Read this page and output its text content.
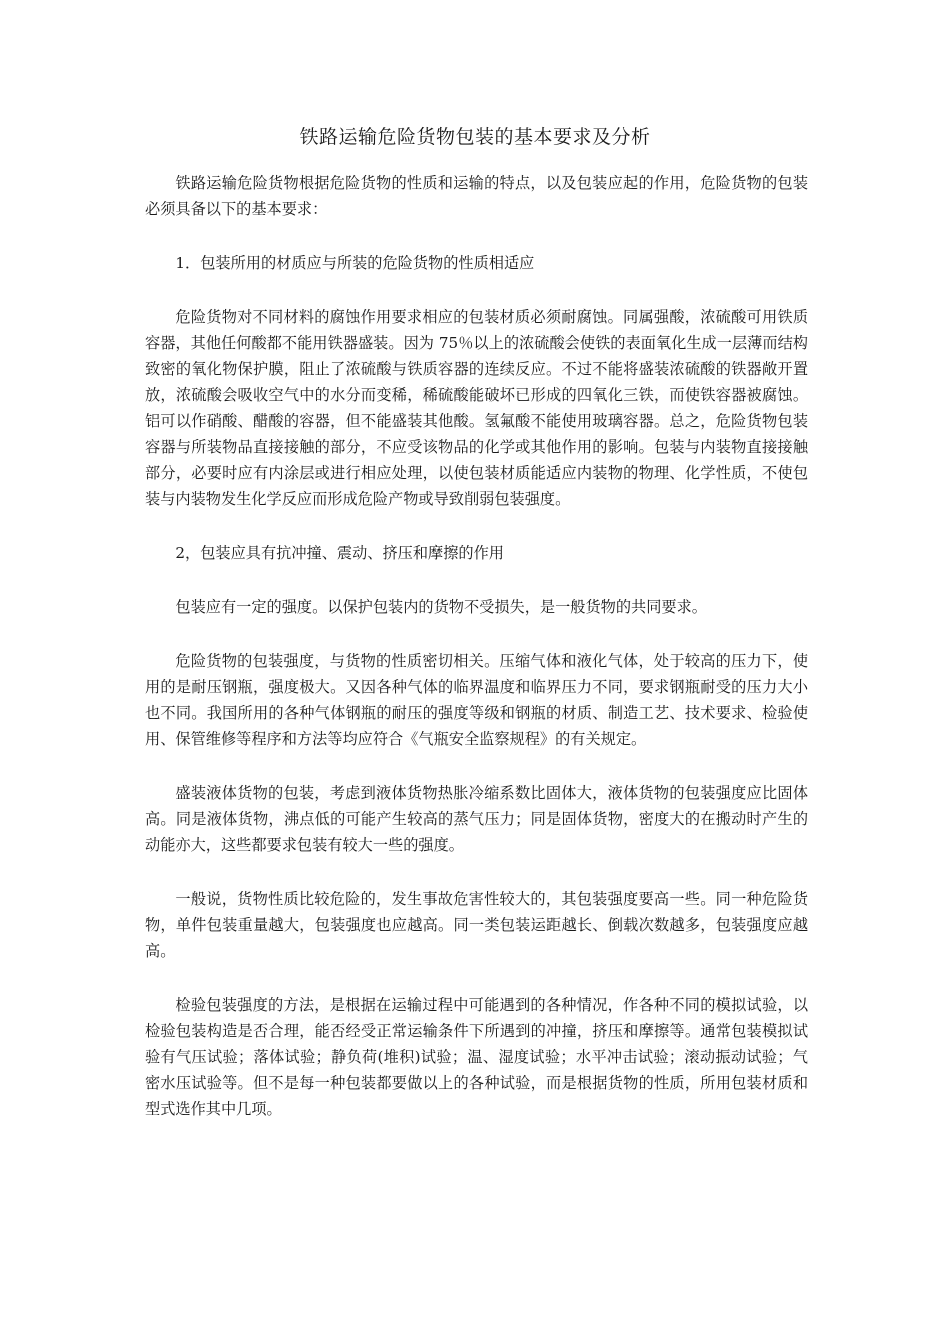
铁路运输危险货物包装的基本要求及分析

铁路运输危险货物根据危险货物的性质和运输的特点，以及包装应起的作用，危险货物的包装必须具备以下的基本要求：

1．包装所用的材质应与所装的危险货物的性质相适应

危险货物对不同材料的腐蚀作用要求相应的包装材质必须耐腐蚀。同属强酸，浓硫酸可用铁质容器，其他任何酸都不能用铁器盛装。因为 75％以上的浓硫酸会使铁的表面氧化生成一层薄而结构致密的氧化物保护膜，阻止了浓硫酸与铁质容器的连续反应。不过不能将盛装浓硫酸的铁器敞开置放，浓硫酸会吸收空气中的水分而变稀，稀硫酸能破坏已形成的四氧化三铁，而使铁容器被腐蚀。铝可以作硝酸、醋酸的容器，但不能盛装其他酸。氢氟酸不能使用玻璃容器。总之，危险货物包装容器与所装物品直接接触的部分，不应受该物品的化学或其他作用的影响。包装与内装物直接接触部分，必要时应有内涂层或进行相应处理，以使包装材质能适应内装物的物理、化学性质，不使包装与内装物发生化学反应而形成危险产物或导致削弱包装强度。

2，包装应具有抗冲撞、震动、挤压和摩擦的作用

包装应有一定的强度。以保护包装内的货物不受损失，是一般货物的共同要求。

危险货物的包装强度，与货物的性质密切相关。压缩气体和液化气体，处于较高的压力下，使用的是耐压钢瓶，强度极大。又因各种气体的临界温度和临界压力不同，要求钢瓶耐受的压力大小也不同。我国所用的各种气体钢瓶的耐压的强度等级和钢瓶的材质、制造工艺、技术要求、检验使用、保管维修等程序和方法等均应符合《气瓶安全监察规程》的有关规定。

盛装液体货物的包装，考虑到液体货物热胀冷缩系数比固体大，液体货物的包装强度应比固体高。同是液体货物，沸点低的可能产生较高的蒸气压力；同是固体货物，密度大的在搬动时产生的动能亦大，这些都要求包装有较大一些的强度。

一般说，货物性质比较危险的，发生事故危害性较大的，其包装强度要高一些。同一种危险货物，单件包装重量越大，包装强度也应越高。同一类包装运距越长、倒载次数越多，包装强度应越高。

检验包装强度的方法，是根据在运输过程中可能遇到的各种情况，作各种不同的模拟试验，以检验包装构造是否合理，能否经受正常运输条件下所遇到的冲撞，挤压和摩擦等。通常包装模拟试验有气压试验；落体试验；静负荷(堆积)试验；温、湿度试验；水平冲击试验；滚动振动试验；气密水压试验等。但不是每一种包装都要做以上的各种试验，而是根据货物的性质，所用包装材质和型式选作其中几项。
